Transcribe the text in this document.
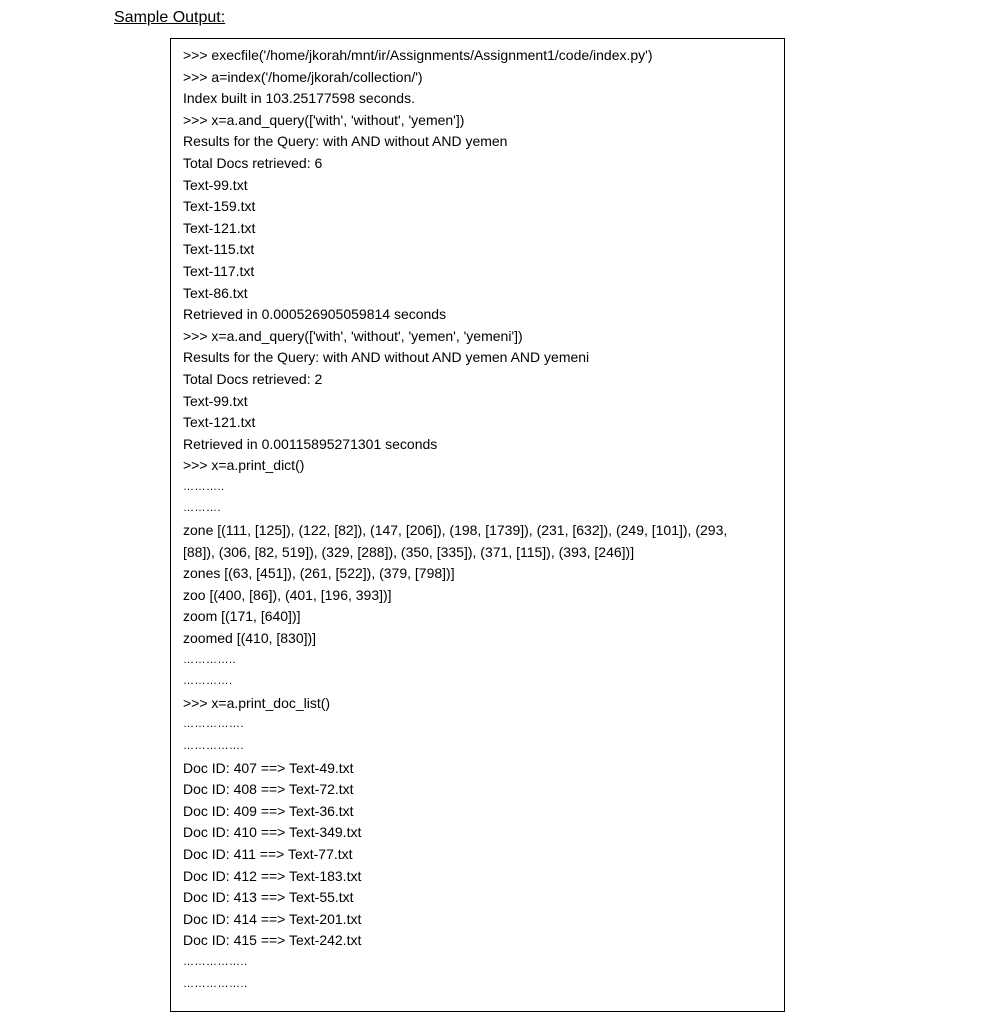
Sample Output:
>>> execfile('/home/jkorah/mnt/ir/Assignments/Assignment1/code/index.py')
>>> a=index('/home/jkorah/collection/')
Index built in 103.25177598 seconds.
>>> x=a.and_query(['with', 'without', 'yemen'])
Results for the Query: with AND without AND yemen
Total Docs retrieved: 6
Text-99.txt
Text-159.txt
Text-121.txt
Text-115.txt
Text-117.txt
Text-86.txt
Retrieved in 0.000526905059814 seconds
>>> x=a.and_query(['with', 'without', 'yemen', 'yemeni'])
Results for the Query: with AND without AND yemen AND yemeni
Total Docs retrieved: 2
Text-99.txt
Text-121.txt
Retrieved in 0.00115895271301 seconds
>>> x=a.print_dict()
………..
……….
zone [(111, [125]), (122, [82]), (147, [206]), (198, [1739]), (231, [632]), (249, [101]), (293,
[88]), (306, [82, 519]), (329, [288]), (350, [335]), (371, [115]), (393, [246])]
zones [(63, [451]), (261, [522]), (379, [798])]
zoo [(400, [86]), (401, [196, 393])]
zoom [(171, [640])]
zoomed [(410, [830])]
…………..
………….
>>> x=a.print_doc_list()
…………….
…………….
Doc ID: 407 ==> Text-49.txt
Doc ID: 408 ==> Text-72.txt
Doc ID: 409 ==> Text-36.txt
Doc ID: 410 ==> Text-349.txt
Doc ID: 411 ==> Text-77.txt
Doc ID: 412 ==> Text-183.txt
Doc ID: 413 ==> Text-55.txt
Doc ID: 414 ==> Text-201.txt
Doc ID: 415 ==> Text-242.txt
……………..
……………..
